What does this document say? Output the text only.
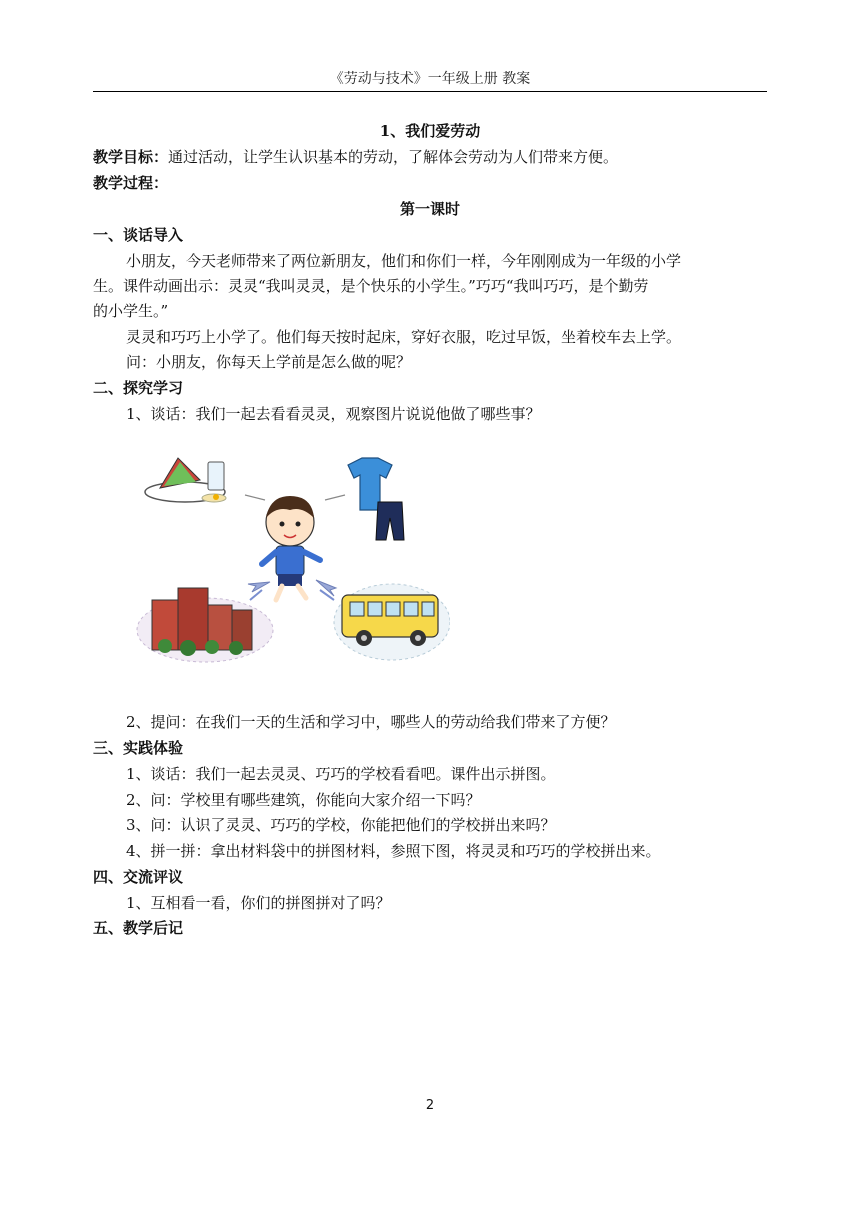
《劳动与技术》一年级上册 教案
1、我们爱劳动
教学目标：通过活动，让学生认识基本的劳动，了解体会劳动为人们带来方便。
教学过程：
第一课时
一、谈话导入
小朋友，今天老师带来了两位新朋友，他们和你们一样，今年刚刚成为一年级的小学
生。课件动画出示：灵灵“我叫灵灵，是个快乐的小学生。”巧巧“我叫巧巧，是个勤劳
的小学生。”
灵灵和巧巧上小学了。他们每天按时起床，穿好衣服，吃过早饭，坐着校车去上学。
问：小朋友，你每天上学前是怎么做的呢？
二、探究学习
1、谈话：我们一起去看看灵灵，观察图片说说他做了哪些事？
2、提问：在我们一天的生活和学习中，哪些人的劳动给我们带来了方便？
三、实践体验
1、谈话：我们一起去灵灵、巧巧的学校看看吧。课件出示拼图。
2、问：学校里有哪些建筑，你能向大家介绍一下吗？
3、问：认识了灵灵、巧巧的学校，你能把他们的学校拼出来吗？
4、拼一拼：拿出材料袋中的拼图材料，参照下图，将灵灵和巧巧的学校拼出来。
四、交流评议
1、互相看一看，你们的拼图拼对了吗？
五、教学后记
2
